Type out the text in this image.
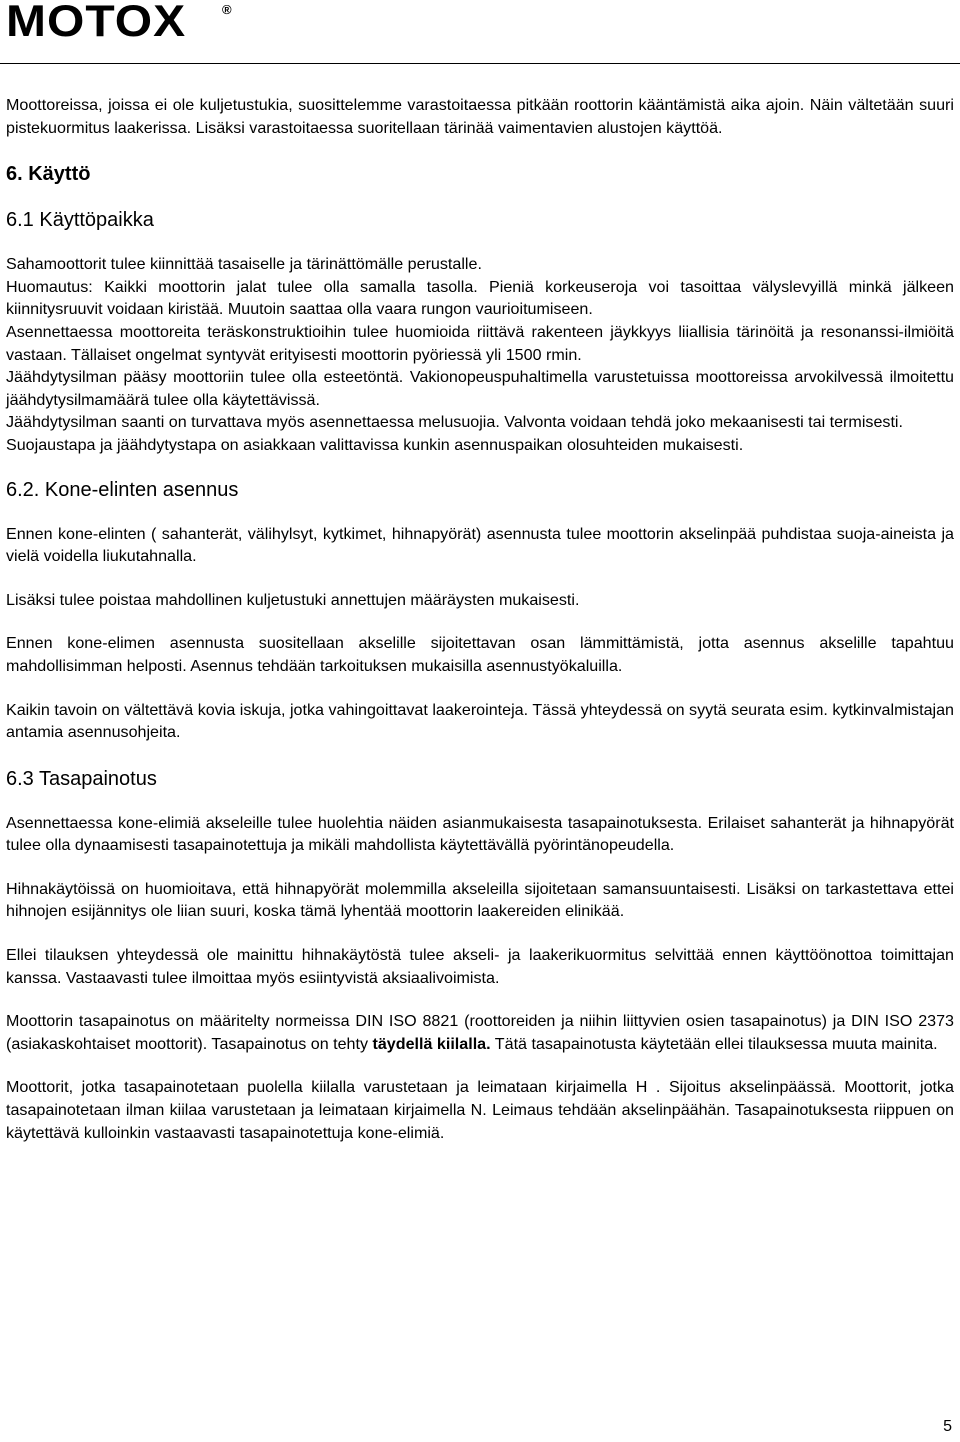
MOTOX	®

Moottoreissa, joissa ei ole kuljetustukia, suosittelemme varastoitaessa pitkään roottorin kääntämistä aika ajoin. Näin vältetään suuri pistekuormitus laakerissa. Lisäksi varastoitaessa suoritellaan tärinää vaimentavien alustojen käyttöä.

6. Käyttö
6.1 Käyttöpaikka

Sahamoottorit tulee kiinnittää tasaiselle ja tärinättömälle perustalle.

Huomautus: Kaikki moottorin jalat tulee olla samalla tasolla. Pieniä korkeuseroja voi tasoittaa välyslevyillä minkä jälkeen kiinnitysruuvit voidaan kiristää. Muutoin saattaa olla vaara rungon vaurioitumiseen.

Asennettaessa moottoreita teräskonstruktioihin tulee huomioida riittävä rakenteen jäykkyys liiallisia tärinöitä ja resonanssi-ilmiöitä vastaan. Tällaiset ongelmat syntyvät erityisesti moottorin pyöriessä yli 1500 rmin.

Jäähdytysilman pääsy moottoriin tulee olla esteetöntä. Vakionopeuspuhaltimella varustetuissa moottoreissa arvokilvessä ilmoitettu jäähdytysilmamäärä tulee olla käytettävissä.

Jäähdytysilman saanti on turvattava myös asennettaessa melusuojia. Valvonta voidaan tehdä joko mekaanisesti tai termisesti.

Suojaustapa ja jäähdytystapa on asiakkaan valittavissa kunkin asennuspaikan olosuhteiden mukaisesti.

6.2. Kone-elinten asennus

Ennen kone-elinten ( sahanterät, välihylsyt, kytkimet, hihnapyörät) asennusta tulee moottorin akselinpää puhdistaa suoja-aineista ja vielä voidella liukutahnalla.

Lisäksi tulee poistaa mahdollinen kuljetustuki annettujen määräysten mukaisesti.

Ennen kone-elimen asennusta suositellaan akselille sijoitettavan osan lämmittämistä, jotta asennus akselille tapahtuu mahdollisimman helposti. Asennus tehdään tarkoituksen mukaisilla asennustyökaluilla.

Kaikin tavoin on vältettävä kovia iskuja, jotka vahingoittavat laakerointeja. Tässä yhteydessä on syytä seurata esim. kytkinvalmistajan antamia asennusohjeita.

6.3 Tasapainotus

Asennettaessa kone-elimiä akseleille tulee huolehtia näiden asianmukaisesta tasapainotuksesta. Erilaiset sahanterät ja hihnapyörät tulee olla dynaamisesti tasapainotettuja ja mikäli mahdollista käytettävällä pyörintänopeudella.

Hihnakäytöissä on huomioitava, että hihnapyörät molemmilla akseleilla sijoitetaan samansuuntaisesti. Lisäksi on tarkastettava ettei hihnojen esijännitys ole liian suuri, koska tämä lyhentää moottorin laakereiden elinikää.

Ellei tilauksen yhteydessä ole mainittu hihnakäytöstä tulee akseli- ja laakerikuormitus selvittää ennen käyttöönottoa toimittajan kanssa. Vastaavasti tulee ilmoittaa myös esiintyvistä aksiaalivoimista.

Moottorin tasapainotus on määritelty normeissa DIN ISO 8821 (roottoreiden ja niihin liittyvien osien tasapainotus) ja DIN ISO 2373 (asiakaskohtaiset moottorit). Tasapainotus on tehty täydellä kiilalla. Tätä tasapainotusta käytetään ellei tilauksessa muuta mainita.

Moottorit, jotka tasapainotetaan puolella kiilalla varustetaan ja leimataan kirjaimella H . Sijoitus akselinpäässä. Moottorit, jotka tasapainotetaan ilman kiilaa varustetaan ja leimataan kirjaimella N. Leimaus tehdään akselinpäähän. Tasapainotuksesta riippuen on käytettävä kulloinkin vastaavasti tasapainotettuja kone-elimiä.

5
